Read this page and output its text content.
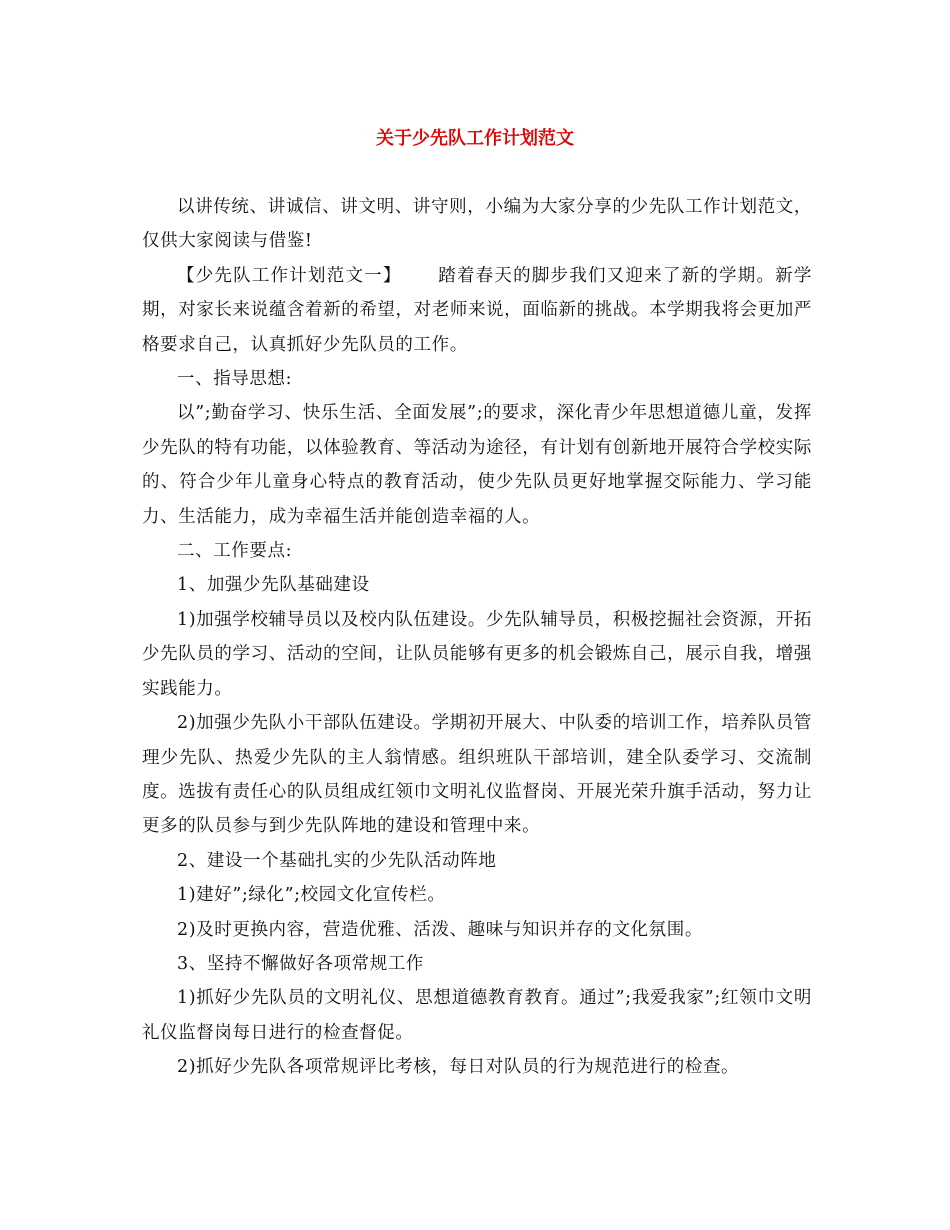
关于少先队工作计划范文

以讲传统、讲诚信、讲文明、讲守则，小编为大家分享的少先队工作计划范文，仅供大家阅读与借鉴!

【少先队工作计划范文一】 踏着春天的脚步我们又迎来了新的学期。新学期，对家长来说蕴含着新的希望，对老师来说，面临新的挑战。本学期我将会更加严格要求自己，认真抓好少先队员的工作。

一、指导思想:

以”;勤奋学习、快乐生活、全面发展”;的要求，深化青少年思想道德儿童，发挥少先队的特有功能，以体验教育、等活动为途径，有计划有创新地开展符合学校实际的、符合少年儿童身心特点的教育活动，使少先队员更好地掌握交际能力、学习能力、生活能力，成为幸福生活并能创造幸福的人。

二、工作要点:

1、加强少先队基础建设

1)加强学校辅导员以及校内队伍建设。少先队辅导员，积极挖掘社会资源，开拓少先队员的学习、活动的空间，让队员能够有更多的机会锻炼自己，展示自我，增强实践能力。

2)加强少先队小干部队伍建设。学期初开展大、中队委的培训工作，培养队员管理少先队、热爱少先队的主人翁情感。组织班队干部培训，建全队委学习、交流制度。选拔有责任心的队员组成红领巾文明礼仪监督岗、开展光荣升旗手活动，努力让更多的队员参与到少先队阵地的建设和管理中来。

2、建设一个基础扎实的少先队活动阵地

1)建好”;绿化”;校园文化宣传栏。

2)及时更换内容，营造优雅、活泼、趣味与知识并存的文化氛围。

3、坚持不懈做好各项常规工作

1)抓好少先队员的文明礼仪、思想道德教育教育。通过”;我爱我家”;红领巾文明礼仪监督岗每日进行的检查督促。

2)抓好少先队各项常规评比考核，每日对队员的行为规范进行的检查。
